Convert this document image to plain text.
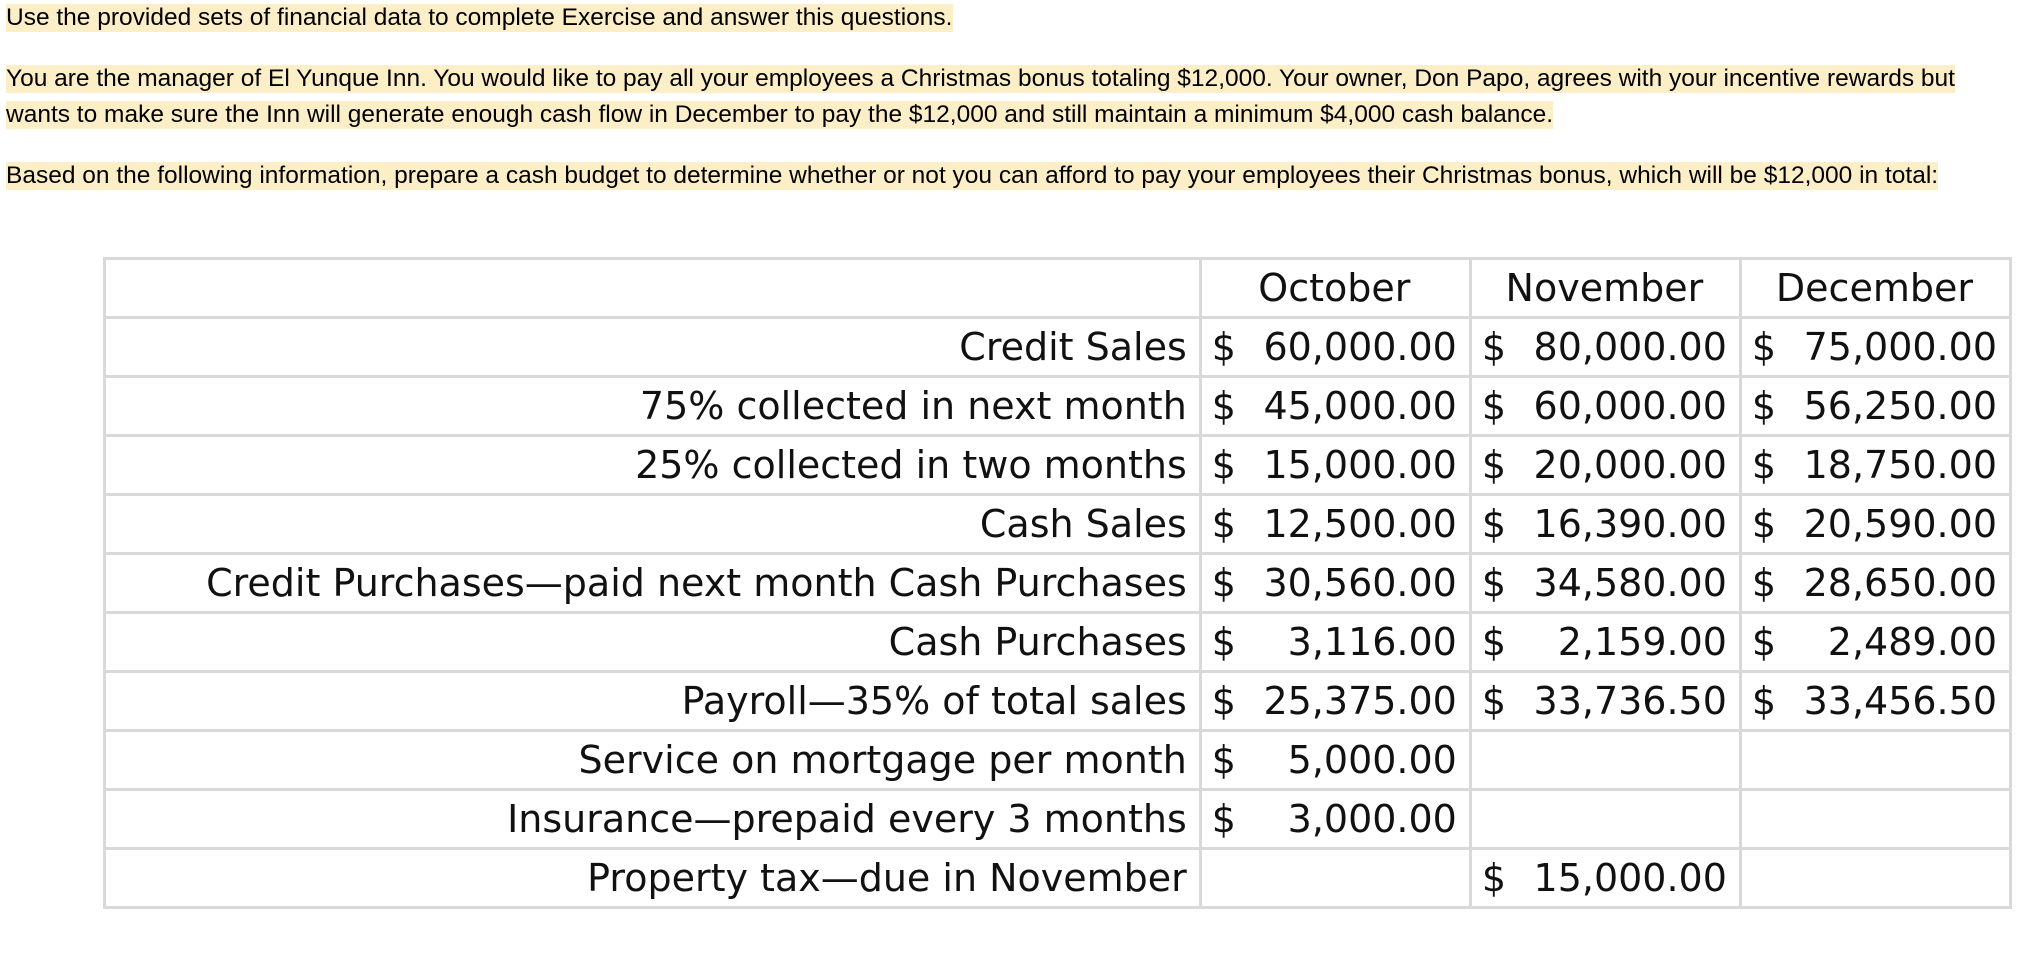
Use the provided sets of financial data to complete Exercise and answer this questions.
You are the manager of El Yunque Inn. You would like to pay all your employees a Christmas bonus totaling $12,000. Your owner, Don Papo, agrees with your incentive rewards but wants to make sure the Inn will generate enough cash flow in December to pay the $12,000 and still maintain a minimum $4,000 cash balance.
Based on the following information, prepare a cash budget to determine whether or not you can afford to pay your employees their Christmas bonus, which will be $12,000 in total:
	October	November	December
Credit Sales	$ 60,000.00	$ 80,000.00	$ 75,000.00

75% collected in next month	$ 45,000.00	$ 60,000.00	$ 56,250.00

25% collected in two months	$ 15,000.00	$ 20,000.00	$ 18,750.00

Cash Sales	$ 12,500.00	$ 16,390.00	$ 20,590.00

Credit Purchases—paid next month Cash Purchases	$ 30,560.00	$ 34,580.00	$ 28,650.00

Cash Purchases	$ 3,116.00	$ 2,159.00	$ 2,489.00

Payroll—35% of total sales	$ 25,375.00	$ 33,736.50	$ 33,456.50

Service on mortgage per month	$ 5,000.00		

Insurance—prepaid every 3 months	$ 3,000.00		

Property tax—due in November		$ 15,000.00	
